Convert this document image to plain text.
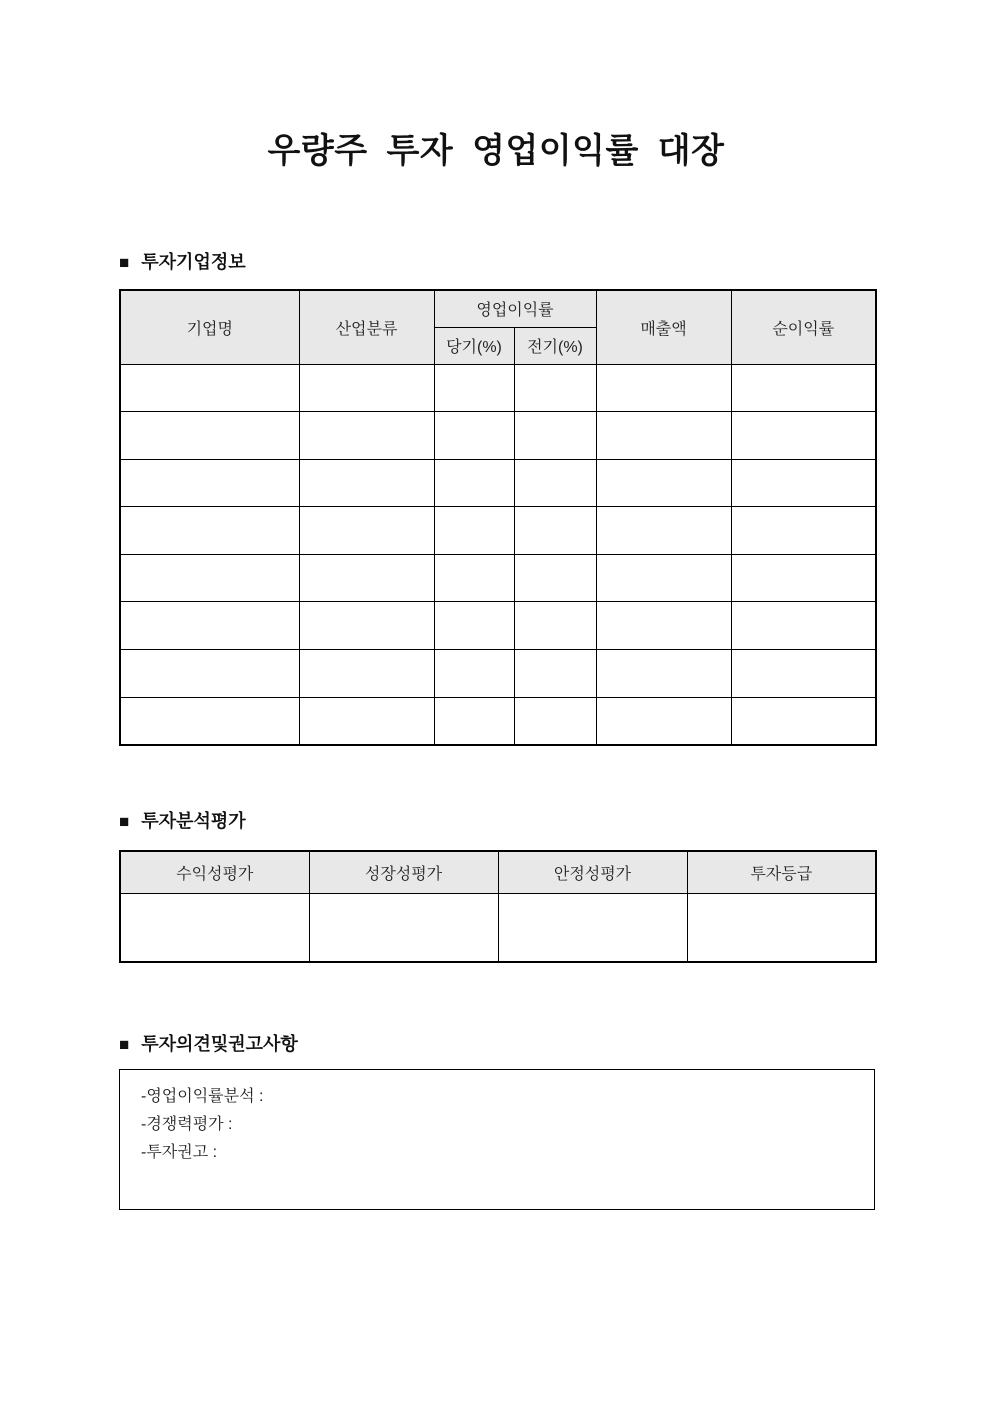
우량주 투자 영업이익률 대장
■ 투자기업정보
기업명	산업분류	영업이익률		매출액	순이익률
		당기(%)	전기(%)		

■ 투자분석평가
수익성평가	성장성평가	안정성평가	투자등급

■ 투자의견및권고사항
-영업이익률분석 :
-경쟁력평가 :
-투자권고 :
